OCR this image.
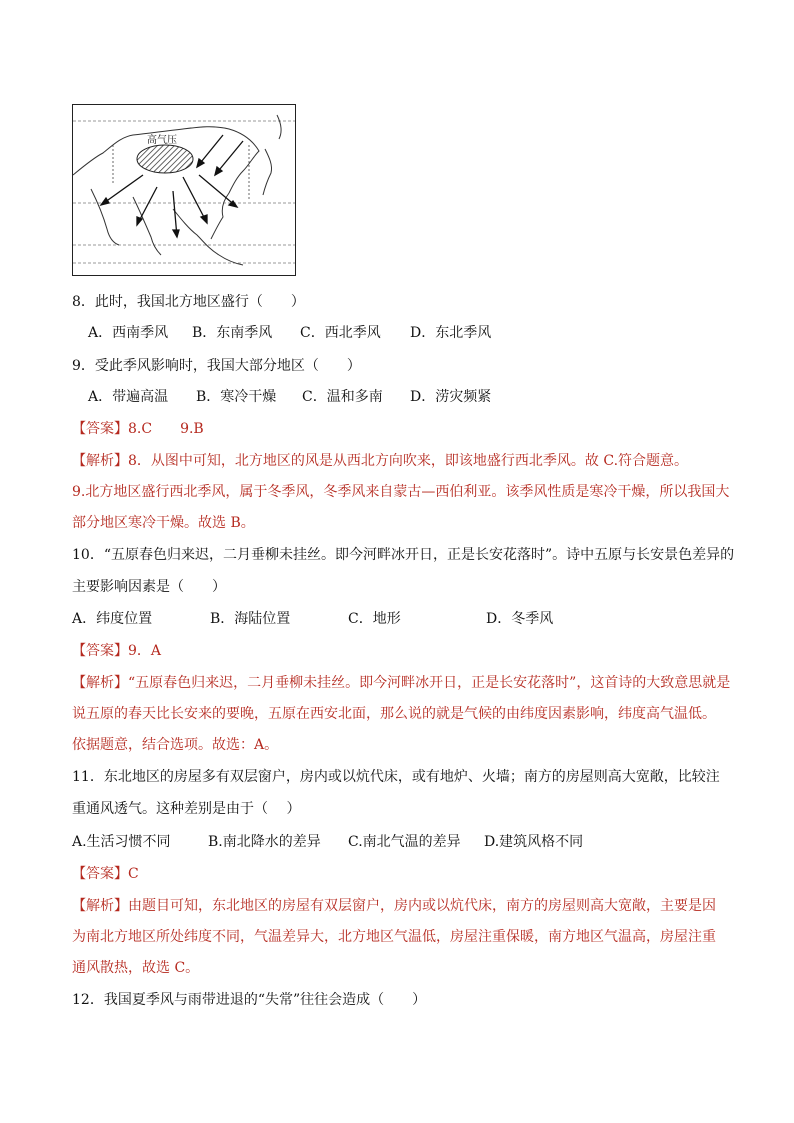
高气压
8．此时，我国北方地区盛行（　　）
A．西南季风 B．东南季风 C．西北季风 D．东北季风
9．受此季风影响时，我国大部分地区（　　）
A．带遍高温 B．寒冷干燥 C．温和多南 D．涝灾频紧
【答案】8.C　　9.B
【解析】8．从图中可知，北方地区的风是从西北方向吹来，即该地盛行西北季风。故 C.符合题意。
9.北方地区盛行西北季风，属于冬季风，冬季风来自蒙古—西伯利亚。该季风性质是寒冷干燥，所以我国大
部分地区寒冷干燥。故选 B。
10．“五原春色归来迟，二月垂柳未挂丝。即今河畔冰开日，正是长安花落时”。诗中五原与长安景色差异的
主要影响因素是（　　）
A．纬度位置	B．海陆位置	C．地形	D．冬季风
【答案】9．A
【解析】“五原春色归来迟，二月垂柳未挂丝。即今河畔冰开日，正是长安花落时”，这首诗的大致意思就是
说五原的春天比长安来的要晚，五原在西安北面，那么说的就是气候的由纬度因素影响，纬度高气温低。
依据题意，结合选项。故选：A。
11．东北地区的房屋多有双层窗户，房内或以炕代床，或有地炉、火墙；南方的房屋则高大宽敞，比较注
重通风透气。这种差别是由于（　 ）
A.生活习惯不同	B.南北降水的差异 C.南北气温的差异 D.建筑风格不同
【答案】C
【解析】由题目可知，东北地区的房屋有双层窗户，房内或以炕代床，南方的房屋则高大宽敞，主要是因
为南北方地区所处纬度不同，气温差异大，北方地区气温低，房屋注重保暖，南方地区气温高，房屋注重
通风散热，故选 C。
12．我国夏季风与雨带进退的“失常”往往会造成（　　）
